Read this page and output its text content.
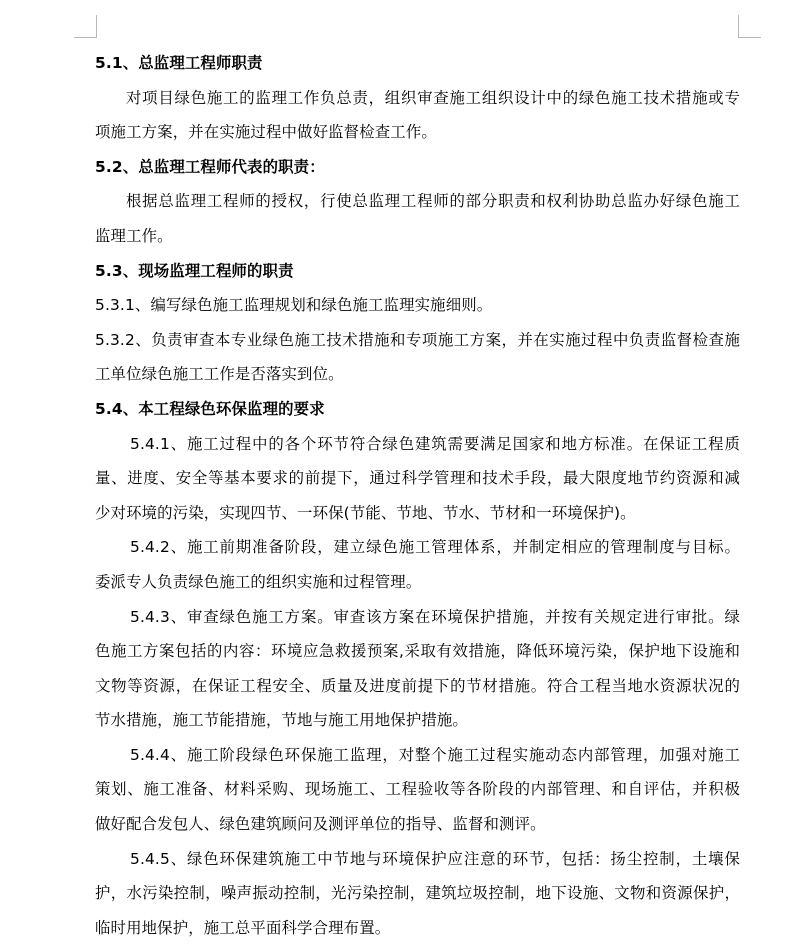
5.1、总监理工程师职责
对项目绿色施工的监理工作负总责，组织审查施工组织设计中的绿色施工技术措施或专
项施工方案，并在实施过程中做好监督检查工作。
5.2、总监理工程师代表的职责：
根据总监理工程师的授权，行使总监理工程师的部分职责和权利协助总监办好绿色施工
监理工作。
5.3、现场监理工程师的职责
5.3.1、编写绿色施工监理规划和绿色施工监理实施细则。
5.3.2、负责审查本专业绿色施工技术措施和专项施工方案，并在实施过程中负责监督检查施
工单位绿色施工工作是否落实到位。
5.4、本工程绿色环保监理的要求
5.4.1、施工过程中的各个环节符合绿色建筑需要满足国家和地方标准。在保证工程质
量、进度、安全等基本要求的前提下，通过科学管理和技术手段，最大限度地节约资源和减
少对环境的污染，实现四节、一环保(节能、节地、节水、节材和一环境保护)。
5.4.2、施工前期准备阶段，建立绿色施工管理体系，并制定相应的管理制度与目标。
委派专人负责绿色施工的组织实施和过程管理。
5.4.3、审查绿色施工方案。审查该方案在环境保护措施，并按有关规定进行审批。绿
色施工方案包括的内容：环境应急救援预案,采取有效措施，降低环境污染，保护地下设施和
文物等资源，在保证工程安全、质量及进度前提下的节材措施。符合工程当地水资源状况的
节水措施，施工节能措施，节地与施工用地保护措施。
5.4.4、施工阶段绿色环保施工监理，对整个施工过程实施动态内部管理，加强对施工
策划、施工准备、材料采购、现场施工、工程验收等各阶段的内部管理、和自评估，并积极
做好配合发包人、绿色建筑顾问及测评单位的指导、监督和测评。
5.4.5、绿色环保建筑施工中节地与环境保护应注意的环节，包括：扬尘控制，土壤保
护，水污染控制，噪声振动控制，光污染控制，建筑垃圾控制，地下设施、文物和资源保护，
临时用地保护，施工总平面科学合理布置。
